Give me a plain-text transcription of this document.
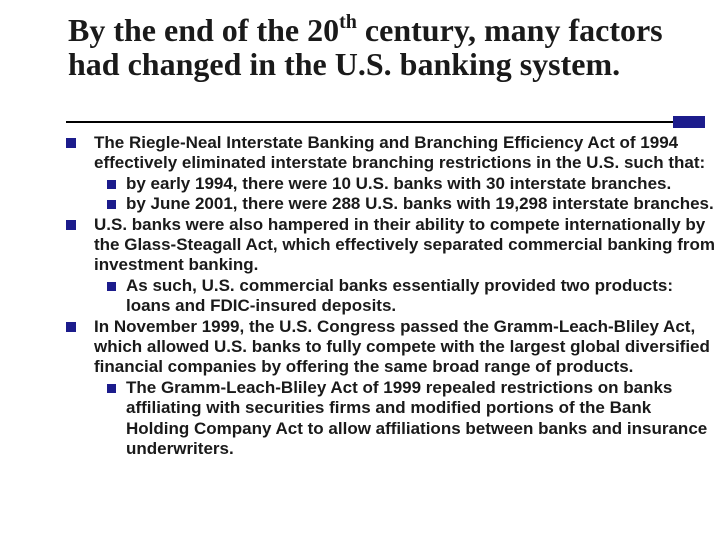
By the end of the 20th century, many factors had changed in the U.S. banking system.
The Riegle-Neal Interstate Banking and Branching Efficiency Act of 1994 effectively eliminated interstate branching restrictions in the U.S. such that:
by early 1994, there were 10 U.S. banks with 30 interstate branches.
by June 2001, there were 288 U.S. banks with 19,298 interstate branches.
U.S. banks were also hampered in their ability to compete internationally by the Glass-Steagall Act, which effectively separated commercial banking from investment banking.
As such, U.S. commercial banks essentially provided two products: loans and FDIC-insured deposits.
In November 1999, the U.S. Congress passed the Gramm-Leach-Bliley Act, which allowed U.S. banks to fully compete with the largest global diversified financial companies by offering the same broad range of products.
The Gramm-Leach-Bliley Act of 1999 repealed restrictions on banks affiliating with securities firms and modified portions of the Bank Holding Company Act to allow affiliations between banks and insurance underwriters.
